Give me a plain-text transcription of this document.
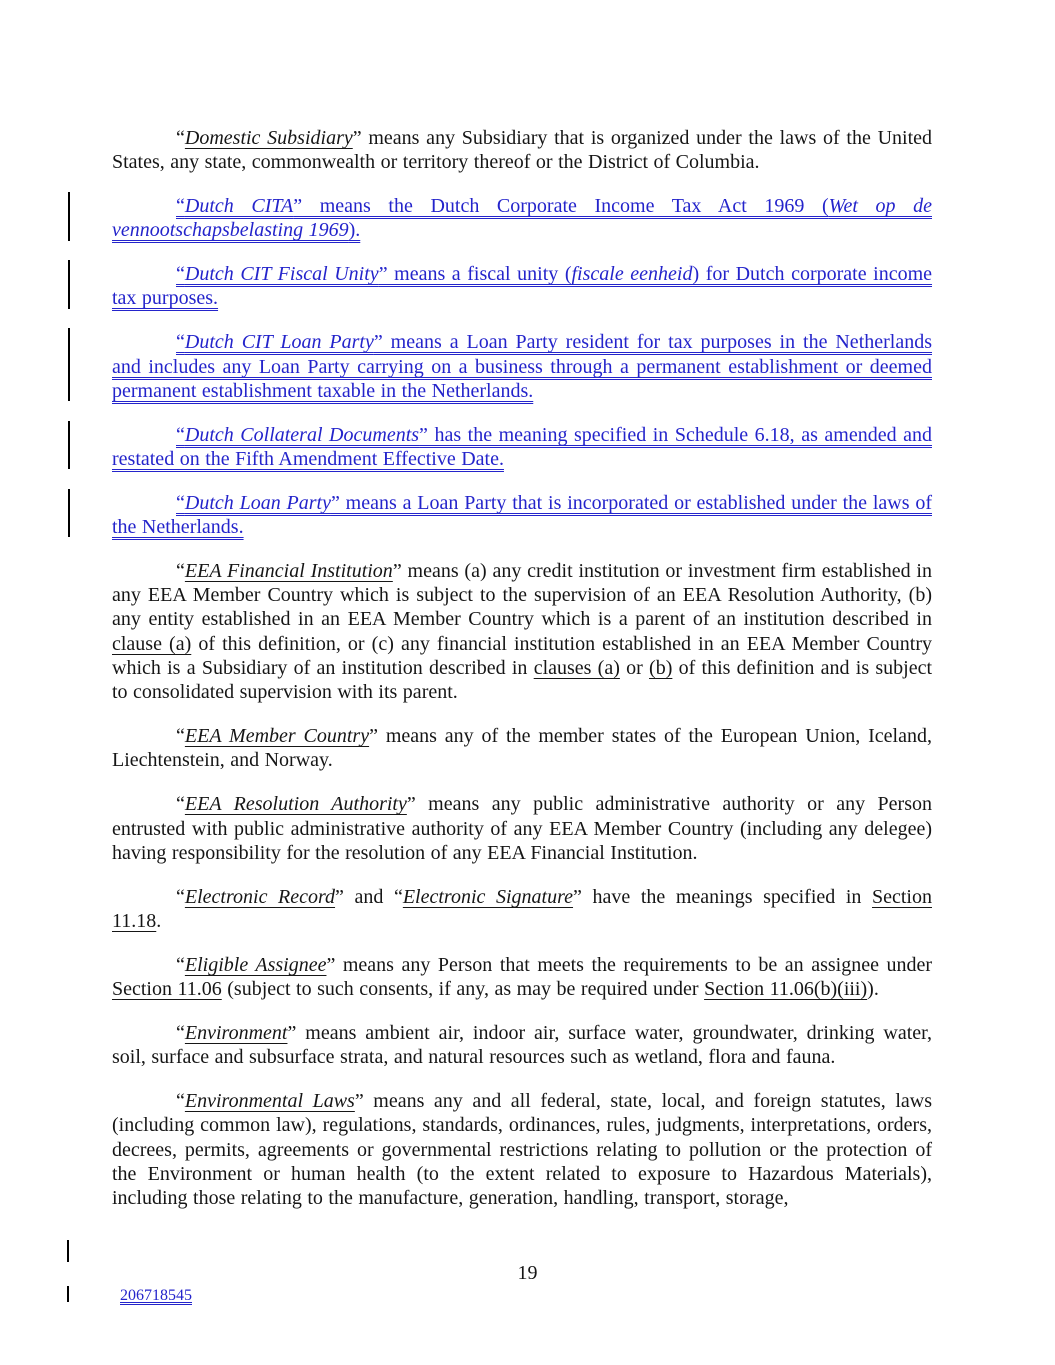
“Domestic Subsidiary” means any Subsidiary that is organized under the laws of the United States, any state, commonwealth or territory thereof or the District of Columbia.

“Dutch CITA” means the Dutch Corporate Income Tax Act 1969 (Wet op de vennootschapsbelasting 1969).

“Dutch CIT Fiscal Unity” means a fiscal unity (fiscale eenheid) for Dutch corporate income tax purposes.

“Dutch CIT Loan Party” means a Loan Party resident for tax purposes in the Netherlands and includes any Loan Party carrying on a business through a permanent establishment or deemed permanent establishment taxable in the Netherlands.

“Dutch Collateral Documents” has the meaning specified in Schedule 6.18, as amended and restated on the Fifth Amendment Effective Date.

“Dutch Loan Party” means a Loan Party that is incorporated or established under the laws of the Netherlands.

“EEA Financial Institution” means (a) any credit institution or investment firm established in any EEA Member Country which is subject to the supervision of an EEA Resolution Authority, (b) any entity established in an EEA Member Country which is a parent of an institution described in clause (a) of this definition, or (c) any financial institution established in an EEA Member Country which is a Subsidiary of an institution described in clauses (a) or (b) of this definition and is subject to consolidated supervision with its parent.

“EEA Member Country” means any of the member states of the European Union, Iceland, Liechtenstein, and Norway.

“EEA Resolution Authority” means any public administrative authority or any Person entrusted with public administrative authority of any EEA Member Country (including any delegee) having responsibility for the resolution of any EEA Financial Institution.

“Electronic Record” and “Electronic Signature” have the meanings specified in Section 11.18.

“Eligible Assignee” means any Person that meets the requirements to be an assignee under Section 11.06 (subject to such consents, if any, as may be required under Section 11.06(b)(iii)).

“Environment” means ambient air, indoor air, surface water, groundwater, drinking water, soil, surface and subsurface strata, and natural resources such as wetland, flora and fauna.

“Environmental Laws” means any and all federal, state, local, and foreign statutes, laws (including common law), regulations, standards, ordinances, rules, judgments, interpretations, orders, decrees, permits, agreements or governmental restrictions relating to pollution or the protection of the Environment or human health (to the extent related to exposure to Hazardous Materials), including those relating to the manufacture, generation, handling, transport, storage,

19
206718545
